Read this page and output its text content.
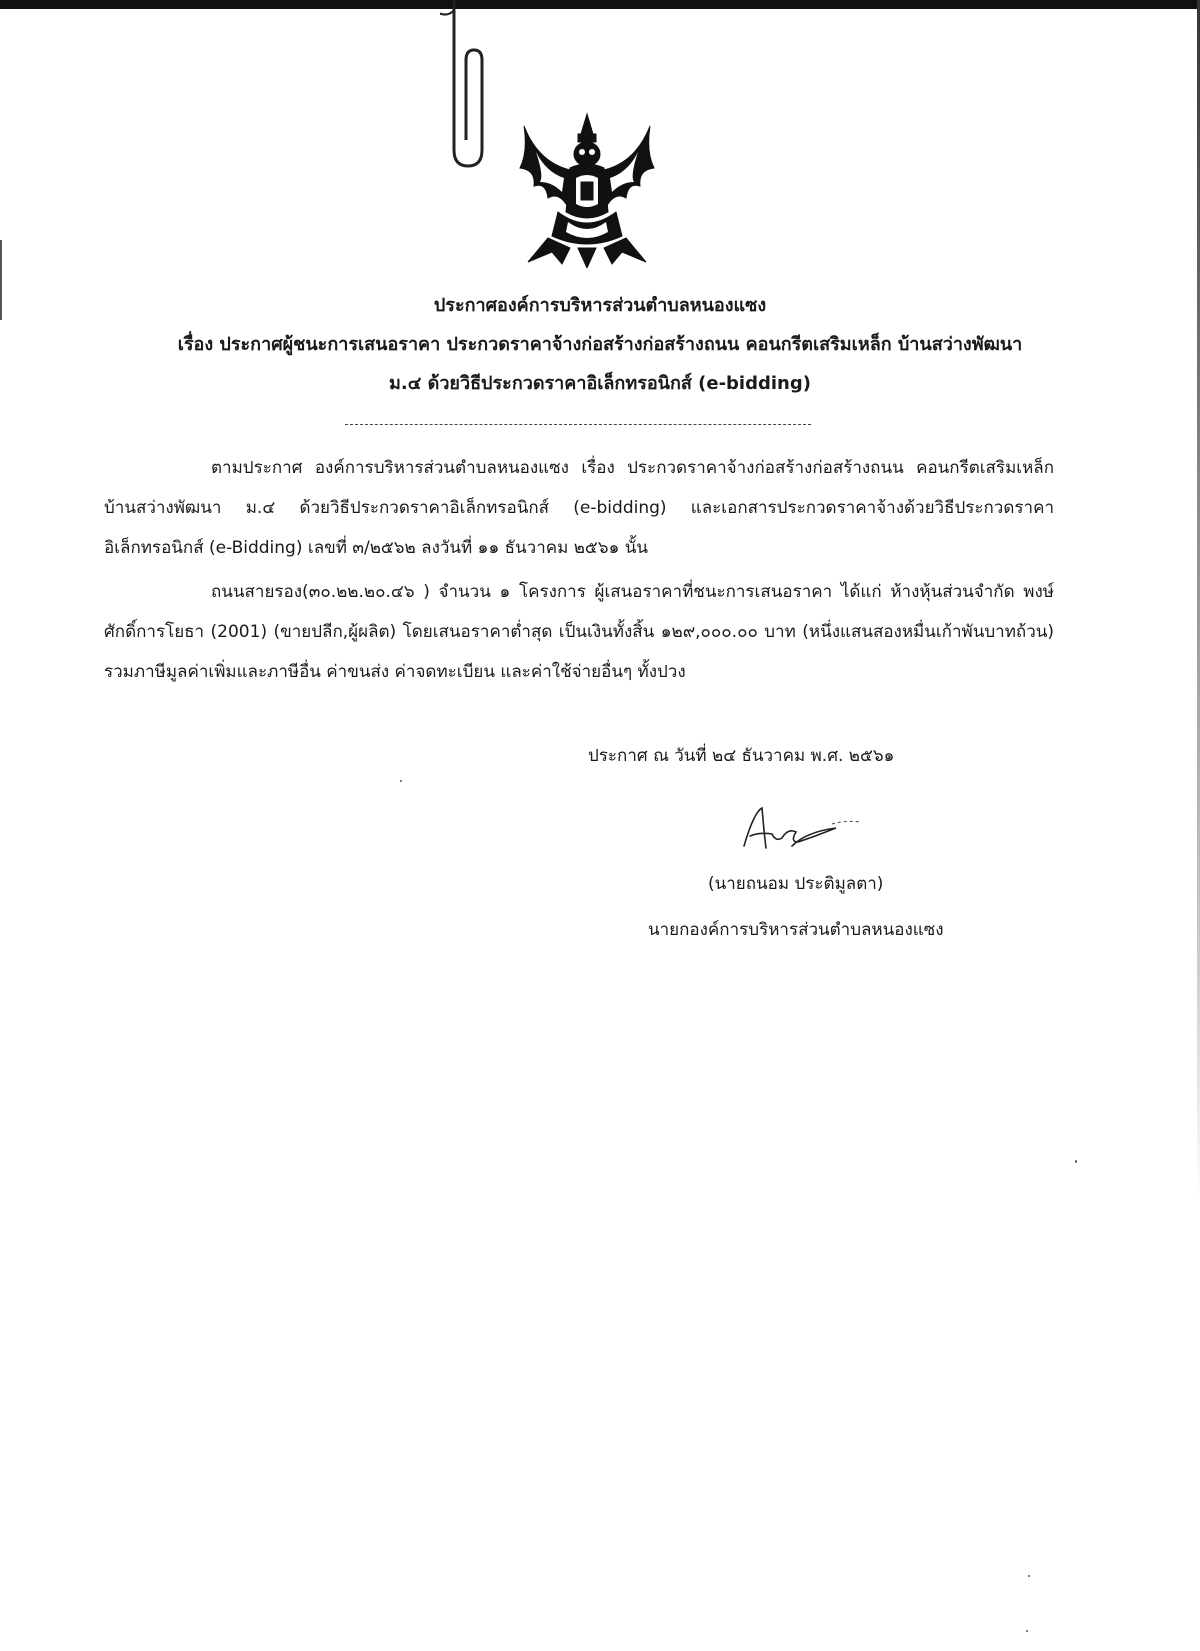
ประกาศองค์การบริหารส่วนตำบลหนองแซง
เรื่อง ประกาศผู้ชนะการเสนอราคา ประกวดราคาจ้างก่อสร้างก่อสร้างถนน คอนกรีตเสริมเหล็ก บ้านสว่างพัฒนา
ม.๔ ด้วยวิธีประกวดราคาอิเล็กทรอนิกส์ (e-bidding)

ตามประกาศ องค์การบริหารส่วนตำบลหนองแซง เรื่อง ประกวดราคาจ้างก่อสร้างก่อสร้างถนน คอนกรีตเสริมเหล็ก บ้านสว่างพัฒนา ม.๔ ด้วยวิธีประกวดราคาอิเล็กทรอนิกส์ (e-bidding) และเอกสารประกวดราคาจ้างด้วยวิธีประกวดราคาอิเล็กทรอนิกส์ (e-Bidding) เลขที่ ๓/๒๕๖๒ ลงวันที่ ๑๑ ธันวาคม ๒๕๖๑ นั้น

ถนนสายรอง(๓๐.๒๒.๒๐.๔๖ ) จำนวน ๑ โครงการ ผู้เสนอราคาที่ชนะการเสนอราคา ได้แก่ ห้างหุ้นส่วนจำกัด พงษ์ศักดิ์การโยธา (2001) (ขายปลีก,ผู้ผลิต) โดยเสนอราคาต่ำสุด เป็นเงินทั้งสิ้น ๑๒๙,๐๐๐.๐๐ บาท (หนึ่งแสนสองหมื่นเก้าพันบาทถ้วน) รวมภาษีมูลค่าเพิ่มและภาษีอื่น ค่าขนส่ง ค่าจดทะเบียน และค่าใช้จ่ายอื่นๆ ทั้งปวง

ประกาศ ณ วันที่ ๒๔ ธันวาคม พ.ศ. ๒๕๖๑
(นายถนอม ประติมูลตา)
นายกองค์การบริหารส่วนตำบลหนองแซง
